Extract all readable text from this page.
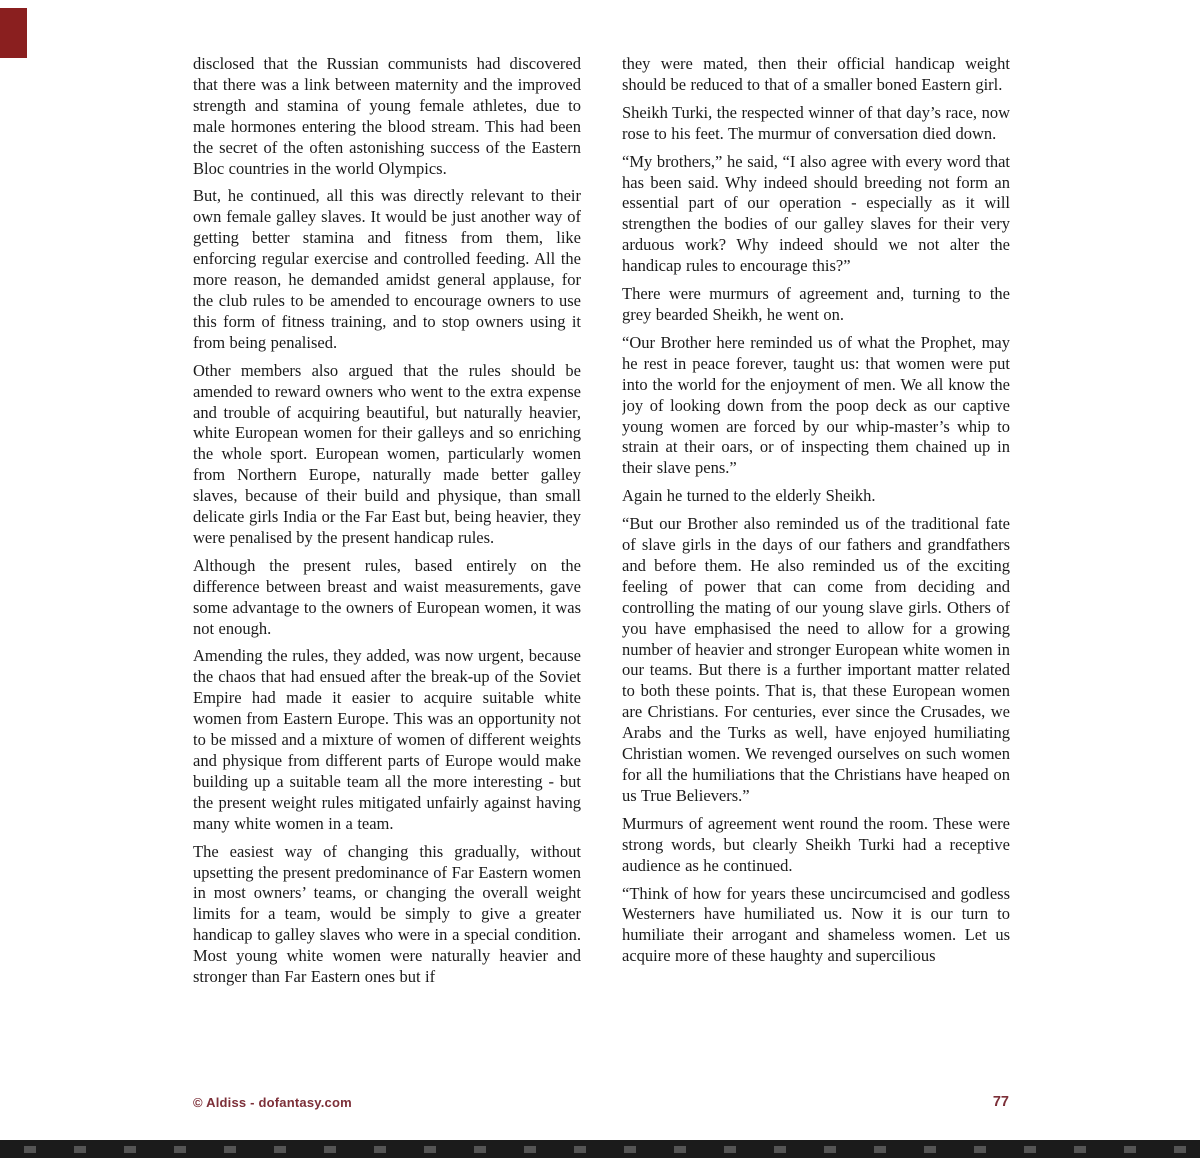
disclosed that the Russian communists had discovered that there was a link between maternity and the improved strength and stamina of young female athletes, due to male hormones entering the blood stream. This had been the secret of the often astonishing success of the Eastern Bloc countries in the world Olympics.

But, he continued, all this was directly relevant to their own female galley slaves. It would be just another way of getting better stamina and fitness from them, like enforcing regular exercise and controlled feeding. All the more reason, he demanded amidst general applause, for the club rules to be amended to encourage owners to use this form of fitness training, and to stop owners using it from being penalised.

Other members also argued that the rules should be amended to reward owners who went to the extra expense and trouble of acquiring beautiful, but naturally heavier, white European women for their galleys and so enriching the whole sport. European women, particularly women from Northern Europe, naturally made better galley slaves, because of their build and physique, than small delicate girls India or the Far East but, being heavier, they were penalised by the present handicap rules.

Although the present rules, based entirely on the difference between breast and waist measurements, gave some advantage to the owners of European women, it was not enough.

Amending the rules, they added, was now urgent, because the chaos that had ensued after the break-up of the Soviet Empire had made it easier to acquire suitable white women from Eastern Europe. This was an opportunity not to be missed and a mixture of women of different weights and physique from different parts of Europe would make building up a suitable team all the more interesting - but the present weight rules mitigated unfairly against having many white women in a team.

The easiest way of changing this gradually, without upsetting the present predominance of Far Eastern women in most owners’ teams, or changing the overall weight limits for a team, would be simply to give a greater handicap to galley slaves who were in a special condition. Most young white women were naturally heavier and stronger than Far Eastern ones but if

they were mated, then their official handicap weight should be reduced to that of a smaller boned Eastern girl.

Sheikh Turki, the respected winner of that day’s race, now rose to his feet. The murmur of conversation died down.

“My brothers,” he said, “I also agree with every word that has been said. Why indeed should breeding not form an essential part of our operation - especially as it will strengthen the bodies of our galley slaves for their very arduous work? Why indeed should we not alter the handicap rules to encourage this?”

There were murmurs of agreement and, turning to the grey bearded Sheikh, he went on.

“Our Brother here reminded us of what the Prophet, may he rest in peace forever, taught us: that women were put into the world for the enjoyment of men. We all know the joy of looking down from the poop deck as our captive young women are forced by our whip-master’s whip to strain at their oars, or of inspecting them chained up in their slave pens.”

Again he turned to the elderly Sheikh.

“But our Brother also reminded us of the traditional fate of slave girls in the days of our fathers and grandfathers and before them. He also reminded us of the exciting feeling of power that can come from deciding and controlling the mating of our young slave girls. Others of you have emphasised the need to allow for a growing number of heavier and stronger European white women in our teams. But there is a further important matter related to both these points. That is, that these European women are Christians. For centuries, ever since the Crusades, we Arabs and the Turks as well, have enjoyed humiliating Christian women. We revenged ourselves on such women for all the humiliations that the Christians have heaped on us True Believers.”

Murmurs of agreement went round the room. These were strong words, but clearly Sheikh Turki had a receptive audience as he continued.

“Think of how for years these uncircumcised and godless Westerners have humiliated us. Now it is our turn to humiliate their arrogant and shameless women. Let us acquire more of these haughty and supercilious

© Aldiss - dofantasy.com	77
